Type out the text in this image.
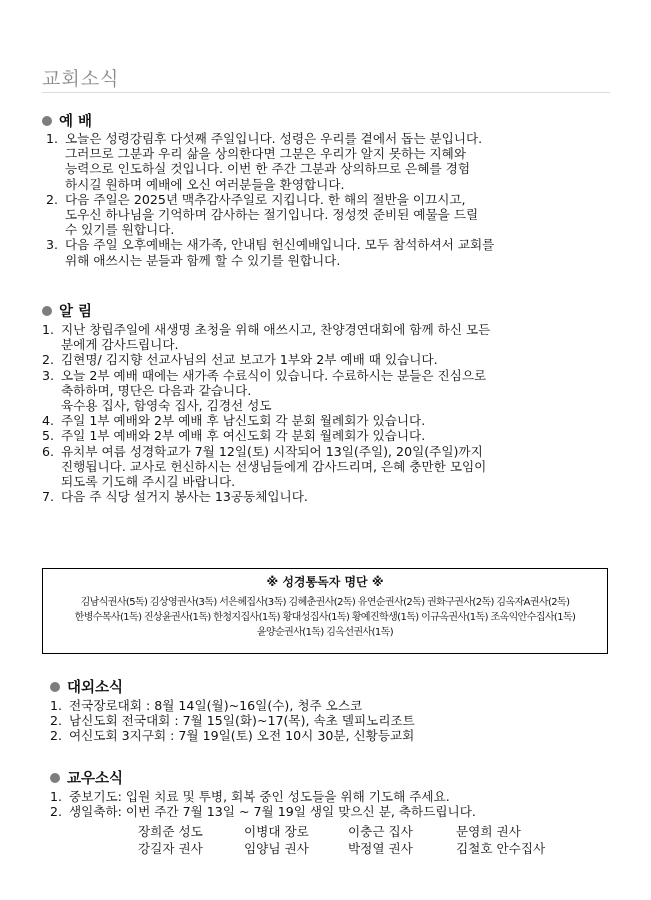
교회소식
예 배
1. 오늘은 성령강림후 다섯째 주일입니다. 성령은 우리를 곁에서 돕는 분입니다.
그러므로 그분과 우리 삶을 상의한다면 그분은 우리가 알지 못하는 지혜와
능력으로 인도하실 것입니다. 이번 한 주간 그분과 상의하므로 은혜를 경험
하시길 원하며 예배에 오신 여러분들을 환영합니다.
2. 다음 주일은 2025년 맥추감사주일로 지킵니다. 한 해의 절반을 이끄시고,
도우신 하나님을 기억하며 감사하는 절기입니다. 정성껏 준비된 예물을 드릴
수 있기를 원합니다.
3. 다음 주일 오후예배는 새가족, 안내팀 헌신예배입니다. 모두 참석하셔서 교회를
위해 애쓰시는 분들과 함께 할 수 있기를 원합니다.
알 림
1. 지난 창립주일에 새생명 초청을 위해 애쓰시고, 찬양경연대회에 함께 하신 모든
분에게 감사드립니다.
2. 김현명/ 김지향 선교사님의 선교 보고가 1부와 2부 예배 때 있습니다.
3. 오늘 2부 예배 때에는 새가족 수료식이 있습니다. 수료하시는 분들은 진심으로
축하하며, 명단은 다음과 같습니다.
육수용 집사, 함영숙 집사, 김경선 성도
4. 주일 1부 예배와 2부 예배 후 남신도회 각 분회 월례회가 있습니다.
5. 주일 1부 예배와 2부 예배 후 여신도회 각 분회 월례회가 있습니다.
6. 유치부 여름 성경학교가 7월 12일(토) 시작되어 13일(주일), 20일(주일)까지
진행됩니다. 교사로 헌신하시는 선생님들에게 감사드리며, 은혜 충만한 모임이
되도록 기도해 주시길 바랍니다.
7. 다음 주 식당 설거지 봉사는 13공동체입니다.
※ 성경통독자 명단 ※
김남식권사(5독) 김상영권사(3독) 서은혜집사(3독) 김혜춘권사(2독) 유연순권사(2독) 권화구권사(2독) 김옥자A권사(2독)
한병수목사(1독) 진상윤권사(1독) 한청지집사(1독) 황대성집사(1독) 황예진학생(1독) 이규옥권사(1독) 조옥익안수집사(1독)
윤양순권사(1독) 김옥선권사(1독)
대외소식
1. 전국장로대회 : 8월 14일(월)~16일(수), 청주 오스코
2. 남신도회 전국대회 : 7월 15일(화)~17(목), 속초 델피노리조트
2. 여신도회 3지구회 : 7월 19일(토) 오전 10시 30분, 신황등교회
교우소식
1. 중보기도: 입원 치료 및 투병, 회복 중인 성도들을 위해 기도해 주세요.
2. 생일축하: 이번 주간 7월 13일 ~ 7월 19일 생일 맞으신 분, 축하드립니다.
장희준 성도	이병대 장로	이충근 집사	문영희 권사
강길자 권사	임양님 권사	박정열 권사	김철호 안수집사
